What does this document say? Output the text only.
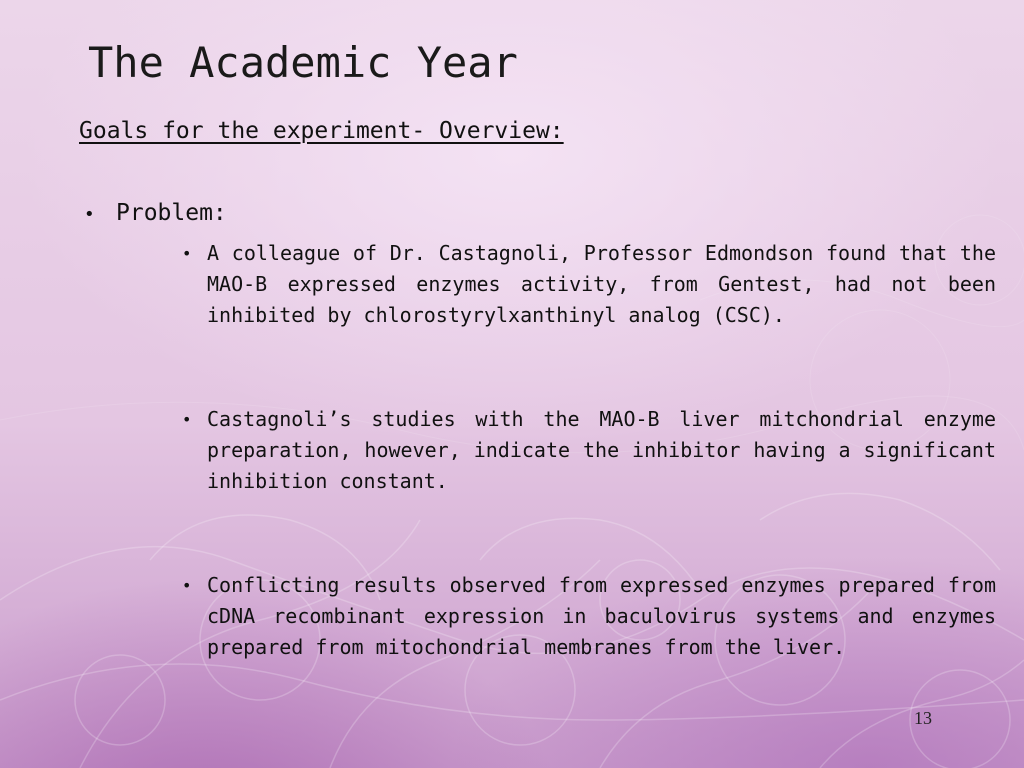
The Academic Year
Goals for the experiment- Overview:
• Problem:
• A colleague of Dr. Castagnoli, Professor Edmondson found that the MAO-B expressed enzymes activity, from Gentest, had not been inhibited by chlorostyrylxanthinyl analog (CSC).
• Castagnoli’s studies with the MAO-B liver mitchondrial enzyme preparation, however, indicate the inhibitor having a significant inhibition constant.
• Conflicting results observed from expressed enzymes prepared from cDNA recombinant expression in baculovirus systems and enzymes prepared from mitochondrial membranes from the liver.
13
